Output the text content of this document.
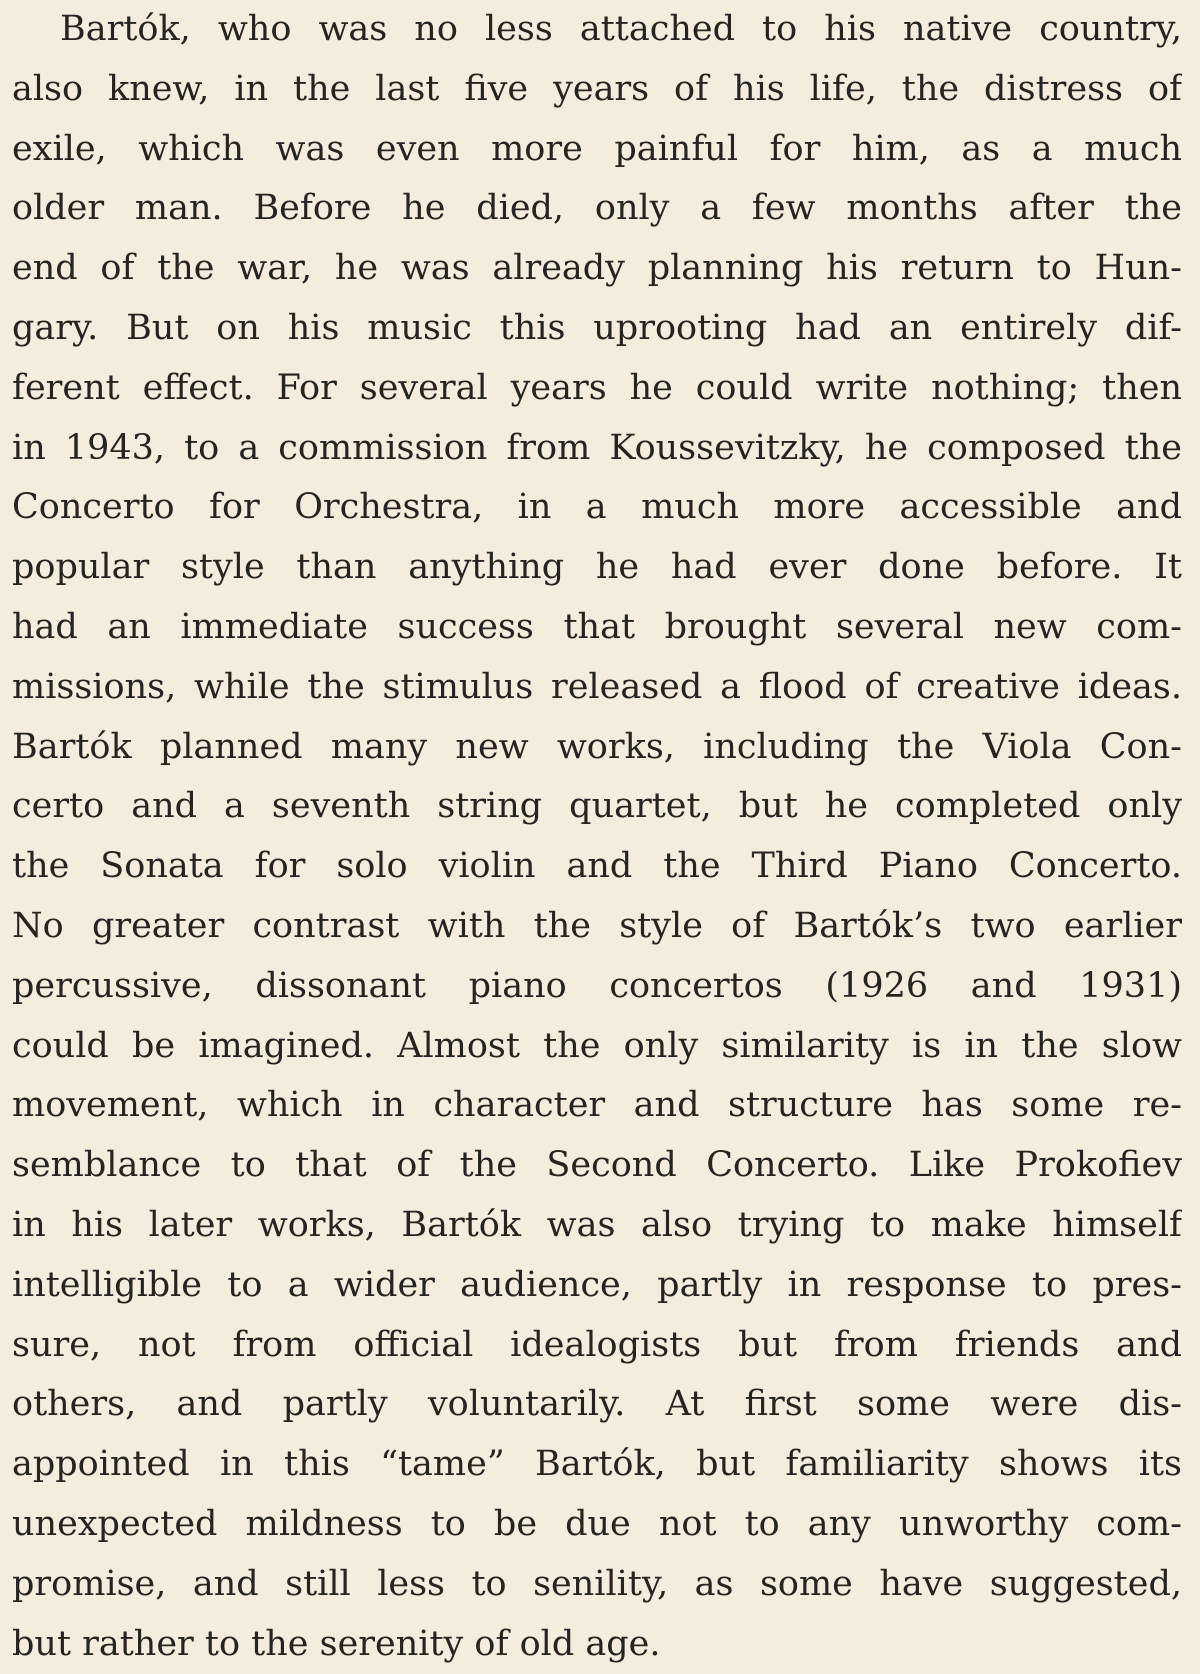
Bartók, who was no less attached to his native country,
also knew, in the last five years of his life, the distress of
exile, which was even more painful for him, as a much
older man. Before he died, only a few months after the
end of the war, he was already planning his return to Hun-
gary. But on his music this uprooting had an entirely dif-
ferent effect. For several years he could write nothing; then
in 1943, to a commission from Koussevitzky, he composed the
Concerto for Orchestra, in a much more accessible and
popular style than anything he had ever done before. It
had an immediate success that brought several new com-
missions, while the stimulus released a flood of creative ideas.
Bartók planned many new works, including the Viola Con-
certo and a seventh string quartet, but he completed only
the Sonata for solo violin and the Third Piano Concerto.
No greater contrast with the style of Bartók’s two earlier
percussive, dissonant piano concertos (1926 and 1931)
could be imagined. Almost the only similarity is in the slow
movement, which in character and structure has some re-
semblance to that of the Second Concerto. Like Prokofiev
in his later works, Bartók was also trying to make himself
intelligible to a wider audience, partly in response to pres-
sure, not from official idealogists but from friends and
others, and partly voluntarily. At first some were dis-
appointed in this “tame” Bartók, but familiarity shows its
unexpected mildness to be due not to any unworthy com-
promise, and still less to senility, as some have suggested,
but rather to the serenity of old age.
